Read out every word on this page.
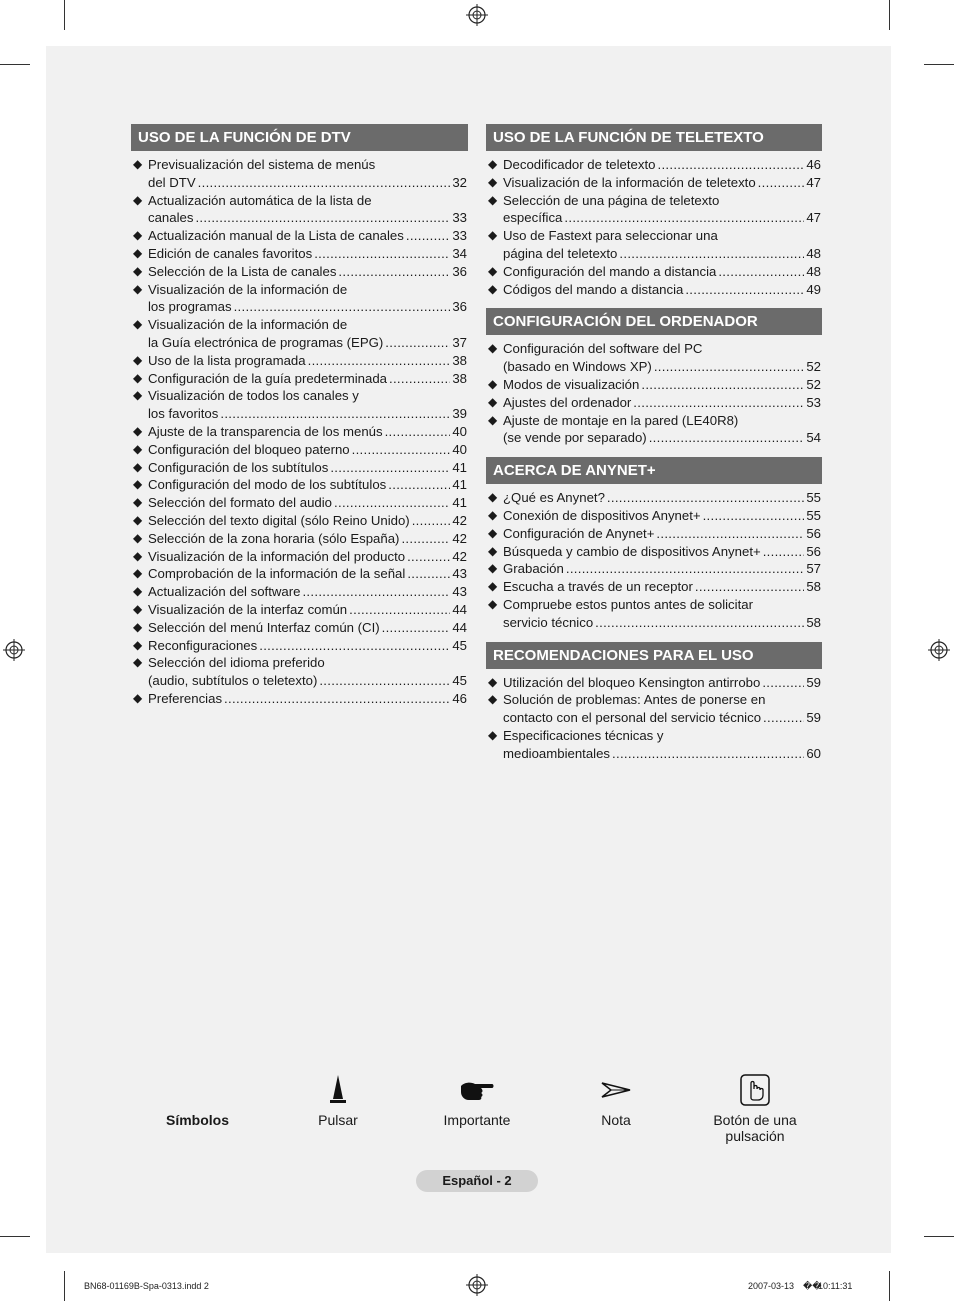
USO DE LA FUNCIÓN DE DTV
◆ Previsualización del sistema de menús
del DTV .....	32
◆ Actualización automática de la lista de
canales .....	33
◆ Actualización manual de la Lista de canales .....	33
◆ Edición de canales favoritos .....	34
◆ Selección de la Lista de canales .....	36
◆ Visualización de la información de
los programas .....	36
◆ Visualización de la información de
la Guía electrónica de programas (EPG) .....	37
◆ Uso de la lista programada .....	38
◆ Configuración de la guía predeterminada .....	38
◆ Visualización de todos los canales y
los favoritos .....	39
◆ Ajuste de la transparencia de los menús .....	40
◆ Configuración del bloqueo paterno .....	40
◆ Configuración de los subtítulos .....	41
◆ Configuración del modo de los subtítulos .....	41
◆ Selección del formato del audio .....	41
◆ Selección del texto digital (sólo Reino Unido) .....	42
◆ Selección de la zona horaria (sólo España) .....	42
◆ Visualización de la información del producto .....	42
◆ Comprobación de la información de la señal .....	43
◆ Actualización del software .....	43
◆ Visualización de la interfaz común .....	44
◆ Selección del menú Interfaz común (CI) .....	44
◆ Reconfiguraciones .....	45
◆ Selección del idioma preferido
(audio, subtítulos o teletexto) .....	45
◆ Preferencias .....	46
USO DE LA FUNCIÓN DE TELETEXTO
◆ Decodificador de teletexto .....	46
◆ Visualización de la información de teletexto .....	47
◆ Selección de una página de teletexto
específica .....	47
◆ Uso de Fastext para seleccionar una
página del teletexto .....	48
◆ Configuración del mando a distancia .....	48
◆ Códigos del mando a distancia .....	49
CONFIGURACIÓN DEL ORDENADOR
◆ Configuración del software del PC
(basado en Windows XP) .....	52
◆ Modos de visualización .....	52
◆ Ajustes del ordenador .....	53
◆ Ajuste de montaje en la pared (LE40R8)
(se vende por separado) .....	54
ACERCA DE ANYNET+
◆ ¿Qué es Anynet? .....	55
◆ Conexión de dispositivos Anynet+ .....	55
◆ Configuración de Anynet+ .....	56
◆ Búsqueda y cambio de dispositivos Anynet+ .....	56
◆ Grabación .....	57
◆ Escucha a través de un receptor .....	58
◆ Compruebe estos puntos antes de solicitar
servicio técnico .....	58
RECOMENDACIONES PARA EL USO
◆ Utilización del bloqueo Kensington antirrobo .....	59
◆ Solución de problemas: Antes de ponerse en
contacto con el personal del servicio técnico .....	59
◆ Especificaciones técnicas y
medioambientales .....	60
Símbolos	Pulsar	Importante	Nota	Botón de una pulsación
Español - 2
BN68-01169B-Spa-0313.indd 2	2007-03-13 ��
10:11:31
